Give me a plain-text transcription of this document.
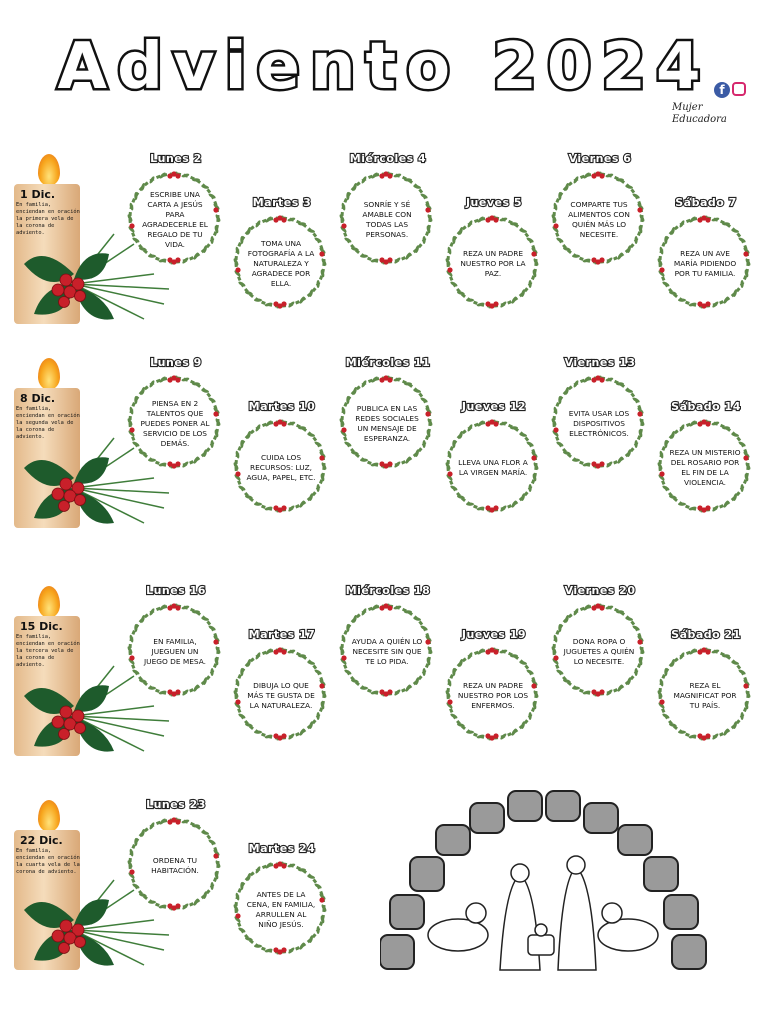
Adviento 2024 f
Mujer
Educadora
1 Dic.
En familia, enciendan en oración la primera vela de la corona de adviento.
Lunes 2
ESCRIBE UNA CARTA A JESÚS PARA AGRADECERLE EL REGALO DE TU VIDA.
Martes 3
TOMA UNA FOTOGRAFÍA A LA NATURALEZA Y AGRADECE POR ELLA.
Miércoles 4
SONRÍE Y SÉ AMABLE CON TODAS LAS PERSONAS.
Jueves 5
REZA UN PADRE NUESTRO POR LA PAZ.
Viernes 6
COMPARTE TUS ALIMENTOS CON QUIÉN MÁS LO NECESITE.
Sábado 7
REZA UN AVE MARÍA PIDIENDO POR TU FAMILIA.
8 Dic.
En familia, enciendan en oración la segunda vela de la corona de adviento.
Lunes 9
PIENSA EN 2 TALENTOS QUE PUEDES PONER AL SERVICIO DE LOS DEMÁS.
Martes 10
CUIDA LOS RECURSOS: LUZ, AGUA, PAPEL, ETC.
Miércoles 11
PUBLICA EN LAS REDES SOCIALES UN MENSAJE DE ESPERANZA.
Jueves 12
LLEVA UNA FLOR A LA VIRGEN MARÍA.
Viernes 13
EVITA USAR LOS DISPOSITIVOS ELECTRÓNICOS.
Sábado 14
REZA UN MISTERIO DEL ROSARIO POR EL FIN DE LA VIOLENCIA.
15 Dic.
En familia, enciendan en oración la tercera vela de la corona de adviento.
Lunes 16
EN FAMILIA, JUEGUEN UN JUEGO DE MESA.
Martes 17
DIBUJA LO QUE MÁS TE GUSTA DE LA NATURALEZA.
Miércoles 18
AYUDA A QUIÉN LO NECESITE SIN QUE TE LO PIDA.
Jueves 19
REZA UN PADRE NUESTRO POR LOS ENFERMOS.
Viernes 20
DONA ROPA O JUGUETES A QUIÉN LO NECESITE.
Sábado 21
REZA EL MAGNIFICAT POR TU PAÍS.
22 Dic.
En familia, enciendan en oración la cuarta vela de la corona de adviento.
Lunes 23
ORDENA TU HABITACIÓN.
Martes 24
ANTES DE LA CENA, EN FAMILIA, ARRULLEN AL NIÑO JESÚS.
